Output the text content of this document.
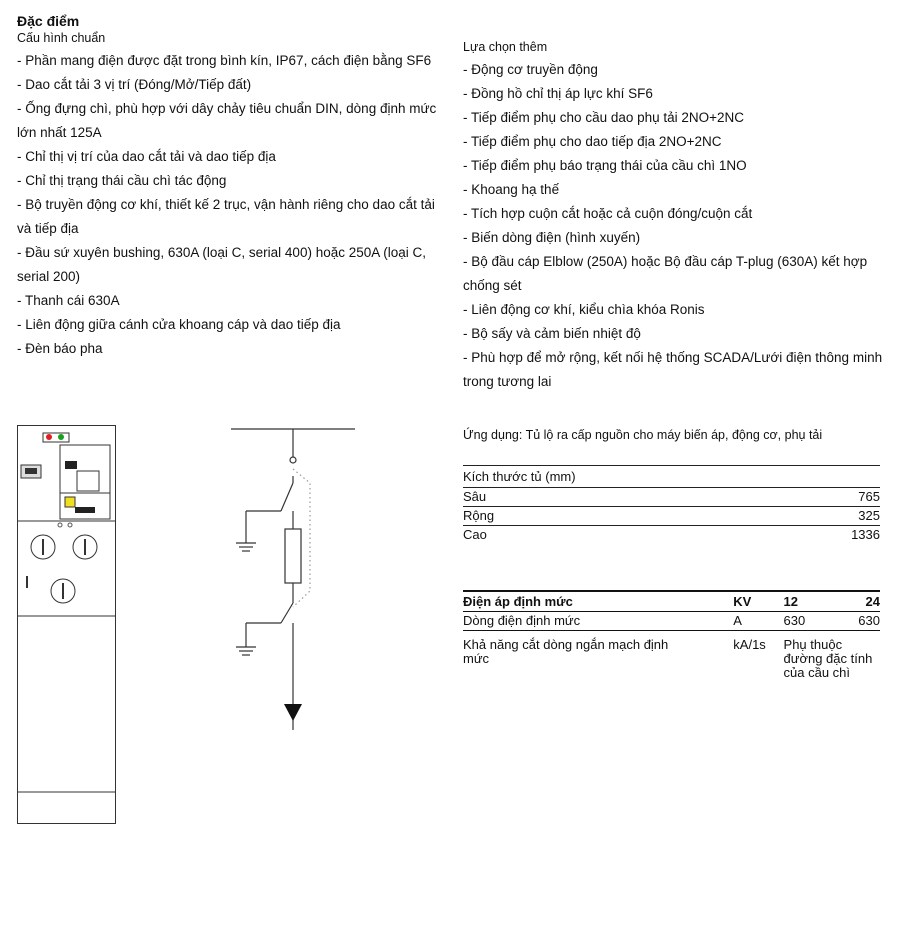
Đặc điểm
Cấu hình chuẩn
- Phần mang điện được đặt trong bình kín, IP67, cách điện bằng SF6
- Dao cắt tải 3 vị trí (Đóng/Mở/Tiếp đất)
- Ống đựng chì, phù hợp với dây chảy tiêu chuẩn DIN, dòng định mức lớn nhất 125A
- Chỉ thị vị trí của dao cắt tải và dao tiếp địa
- Chỉ thị trạng thái cầu chì tác động
- Bộ truyền động cơ khí, thiết kế 2 trục, vận hành riêng cho dao cắt tải và tiếp địa
- Đầu sứ xuyên bushing, 630A (loại C, serial 400) hoặc 250A (loại C, serial 200)
- Thanh cái 630A
- Liên động giữa cánh cửa khoang cáp và dao tiếp địa
- Đèn báo pha
Lựa chọn thêm
- Động cơ truyền động
- Đồng hồ chỉ thị áp lực khí SF6
- Tiếp điểm phụ cho cầu dao phụ tải 2NO+2NC
- Tiếp điểm phụ cho dao tiếp địa 2NO+2NC
- Tiếp điểm phụ báo trạng thái của cầu chì 1NO
- Khoang hạ thế
- Tích hợp cuộn cắt hoặc cả cuộn đóng/cuộn cắt
- Biến dòng điện (hình xuyến)
- Bộ đầu cáp Elblow (250A) hoặc Bộ đầu cáp T-plug (630A) kết hợp chống sét
- Liên động cơ khí, kiểu chìa khóa Ronis
- Bộ sấy và cảm biến nhiệt độ
- Phù hợp để mở rộng, kết nối hệ thống SCADA/Lưới điện thông minh trong tương lai
Ứng dụng: Tủ lộ ra cấp nguồn cho máy biến áp, động cơ, phụ tải
Kích thước tủ (mm)	
Sâu	765
Rộng	325
Cao	1336
Điện áp định mức	KV	12	24
Dòng điện định mức	A	630	630
Khả năng cắt dòng ngắn mạch định mức	kA/1s	Phụ thuộc đường đặc tính của cầu chì	
